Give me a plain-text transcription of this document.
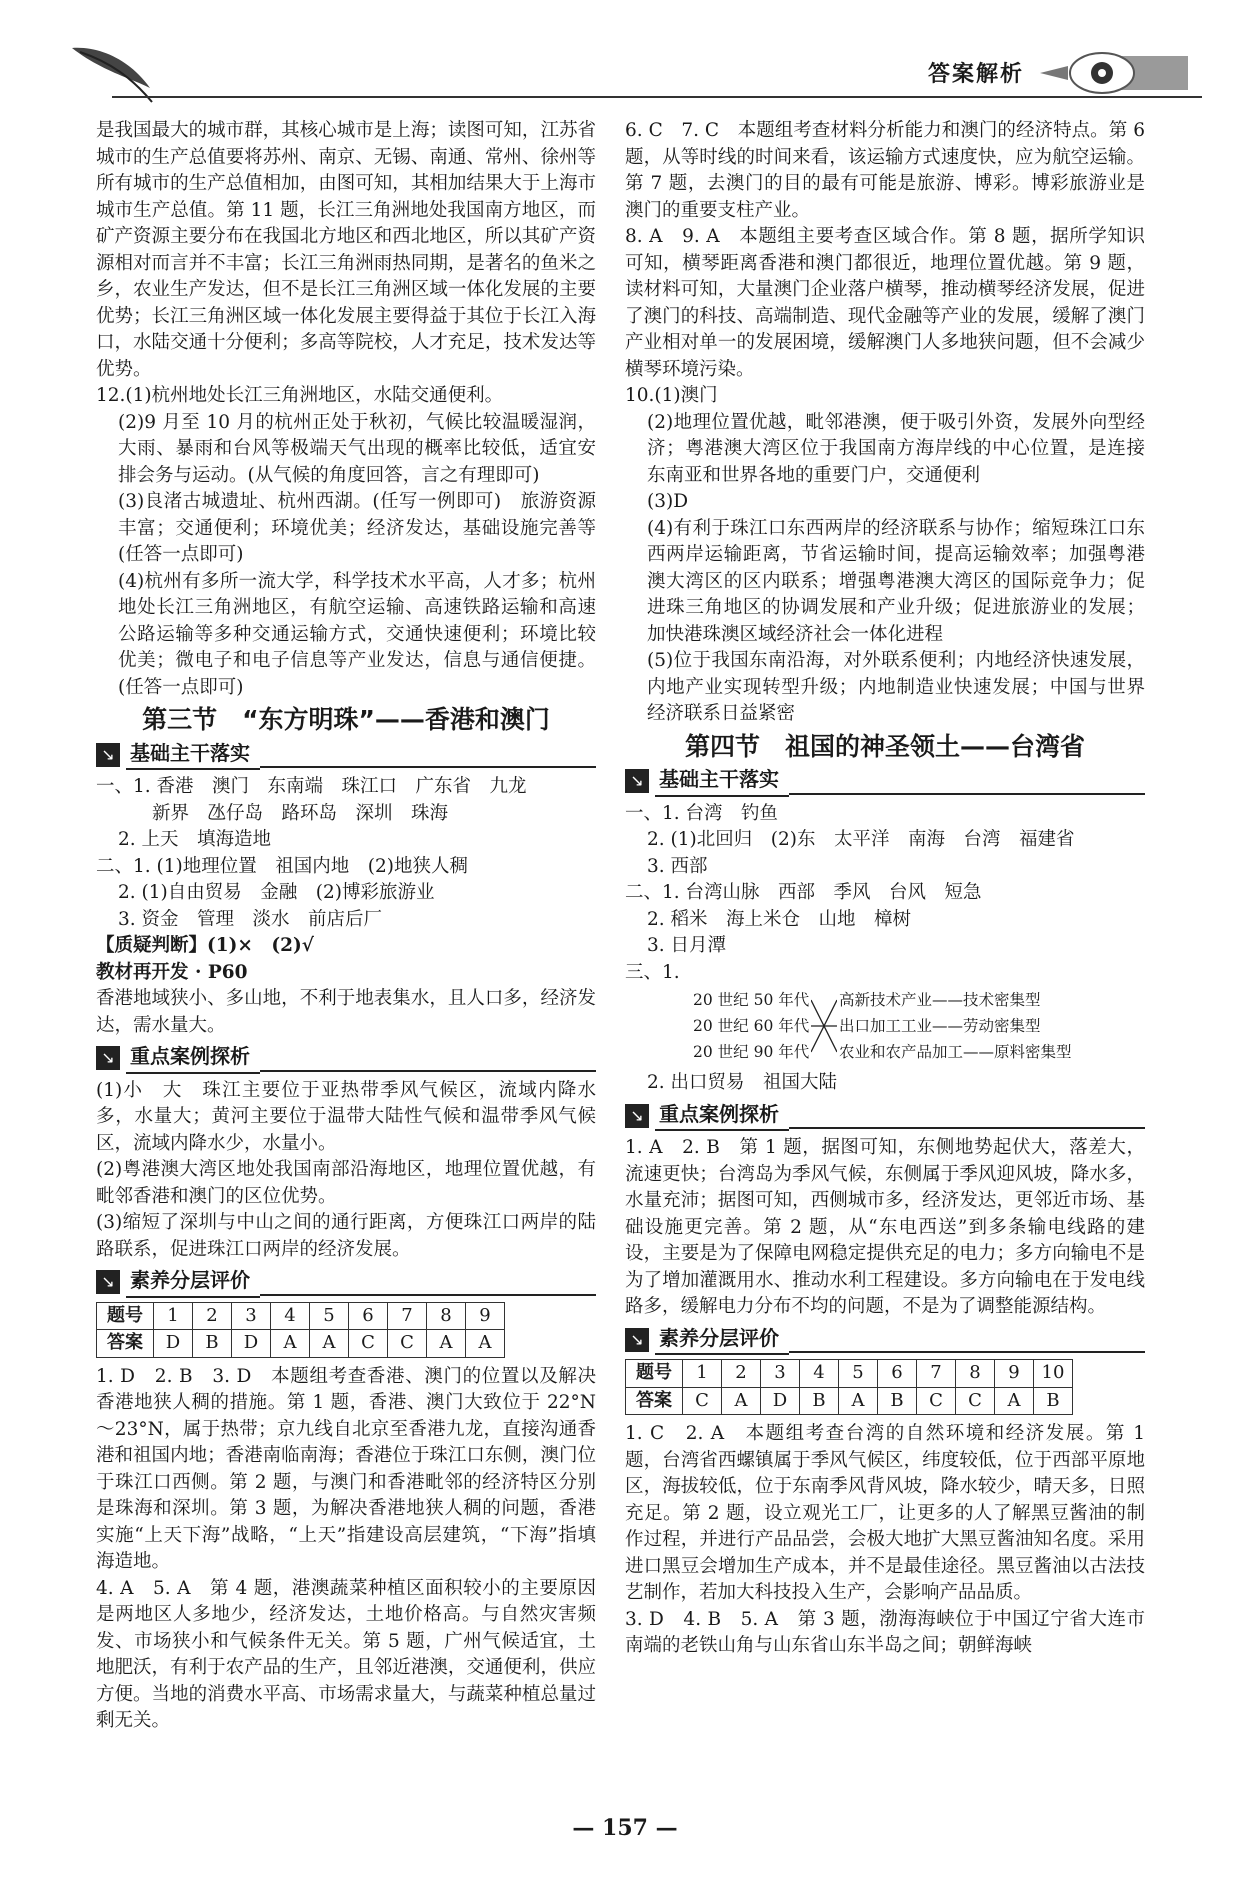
答案解析

是我国最大的城市群，其核心城市是上海；读图可知，江苏省城市的生产总值要将苏州、南京、无锡、南通、常州、徐州等所有城市的生产总值相加，由图可知，其相加结果大于上海市城市生产总值。第 11 题，长江三角洲地处我国南方地区，而矿产资源主要分布在我国北方地区和西北地区，所以其矿产资源相对而言并不丰富；长江三角洲雨热同期，是著名的鱼米之乡，农业生产发达，但不是长江三角洲区域一体化发展的主要优势；长江三角洲区域一体化发展主要得益于其位于长江入海口，水陆交通十分便利；多高等院校，人才充足，技术发达等优势。

12.(1)杭州地处长江三角洲地区，水陆交通便利。

(2)9 月至 10 月的杭州正处于秋初，气候比较温暖湿润，大雨、暴雨和台风等极端天气出现的概率比较低，适宜安排会务与运动。(从气候的角度回答，言之有理即可)

(3)良渚古城遗址、杭州西湖。(任写一例即可)　旅游资源丰富；交通便利；环境优美；经济发达，基础设施完善等(任答一点即可)

(4)杭州有多所一流大学，科学技术水平高，人才多；杭州地处长江三角洲地区，有航空运输、高速铁路运输和高速公路运输等多种交通运输方式，交通快速便利；环境比较优美；微电子和电子信息等产业发达，信息与通信便捷。(任答一点即可)

第三节　“东方明珠”——香港和澳门
↘ 基础主干落实

一、1. 香港　澳门　东南端　珠江口　广东省　九龙

新界　氹仔岛　路环岛　深圳　珠海

2. 上天　填海造地

二、1. (1)地理位置　祖国内地　(2)地狭人稠

2. (1)自由贸易　金融　(2)博彩旅游业

3. 资金　管理　淡水　前店后厂

【质疑判断】(1)×　(2)√

教材再开发 · P60

香港地域狭小、多山地，不利于地表集水，且人口多，经济发达，需水量大。

↘ 重点案例探析

(1)小　大　珠江主要位于亚热带季风气候区，流域内降水多，水量大；黄河主要位于温带大陆性气候和温带季风气候区，流域内降水少，水量小。

(2)粤港澳大湾区地处我国南部沿海地区，地理位置优越，有毗邻香港和澳门的区位优势。

(3)缩短了深圳与中山之间的通行距离，方便珠江口两岸的陆路联系，促进珠江口两岸的经济发展。

↘ 素养分层评价
题号	1	2	3	4	5	6	7	8	9
答案	D	B	D	A	A	C	C	A	A

1. D　2. B　3. D　本题组考查香港、澳门的位置以及解决香港地狭人稠的措施。第 1 题，香港、澳门大致位于 22°N～23°N，属于热带；京九线自北京至香港九龙，直接沟通香港和祖国内地；香港南临南海；香港位于珠江口东侧，澳门位于珠江口西侧。第 2 题，与澳门和香港毗邻的经济特区分别是珠海和深圳。第 3 题，为解决香港地狭人稠的问题，香港实施“上天下海”战略，“上天”指建设高层建筑，“下海”指填海造地。

4. A　5. A　第 4 题，港澳蔬菜种植区面积较小的主要原因是两地区人多地少，经济发达，土地价格高。与自然灾害频发、市场狭小和气候条件无关。第 5 题，广州气候适宜，土地肥沃，有利于农产品的生产，且邻近港澳，交通便利，供应方便。当地的消费水平高、市场需求量大，与蔬菜种植总量过剩无关。

6. C　7. C　本题组考查材料分析能力和澳门的经济特点。第 6 题，从等时线的时间来看，该运输方式速度快，应为航空运输。第 7 题，去澳门的目的最有可能是旅游、博彩。博彩旅游业是澳门的重要支柱产业。

8. A　9. A　本题组主要考查区域合作。第 8 题，据所学知识可知，横琴距离香港和澳门都很近，地理位置优越。第 9 题，读材料可知，大量澳门企业落户横琴，推动横琴经济发展，促进了澳门的科技、高端制造、现代金融等产业的发展，缓解了澳门产业相对单一的发展困境，缓解澳门人多地狭问题，但不会减少横琴环境污染。

10.(1)澳门

(2)地理位置优越，毗邻港澳，便于吸引外资，发展外向型经济；粤港澳大湾区位于我国南方海岸线的中心位置，是连接东南亚和世界各地的重要门户，交通便利

(3)D

(4)有利于珠江口东西两岸的经济联系与协作；缩短珠江口东西两岸运输距离，节省运输时间，提高运输效率；加强粤港澳大湾区的区内联系；增强粤港澳大湾区的国际竞争力；促进珠三角地区的协调发展和产业升级；促进旅游业的发展；加快港珠澳区域经济社会一体化进程

(5)位于我国东南沿海，对外联系便利；内地经济快速发展，内地产业实现转型升级；内地制造业快速发展；中国与世界经济联系日益紧密

第四节　祖国的神圣领土——台湾省
↘ 基础主干落实

一、1. 台湾　钓鱼

2. (1)北回归　(2)东　太平洋　南海　台湾　福建省

3. 西部

二、1. 台湾山脉　西部　季风　台风　短急

2. 稻米　海上米仓　山地　樟树

3. 日月潭

三、1.

20 世纪 50 年代
20 世纪 60 年代
20 世纪 90 年代
高新技术产业——技术密集型
出口加工工业——劳动密集型
农业和农产品加工——原料密集型

2. 出口贸易　祖国大陆

↘ 重点案例探析

1. A　2. B　第 1 题，据图可知，东侧地势起伏大，落差大，流速更快；台湾岛为季风气候，东侧属于季风迎风坡，降水多，水量充沛；据图可知，西侧城市多，经济发达，更邻近市场、基础设施更完善。第 2 题，从“东电西送”到多条输电线路的建设，主要是为了保障电网稳定提供充足的电力；多方向输电不是为了增加灌溉用水、推动水利工程建设。多方向输电在于发电线路多，缓解电力分布不均的问题，不是为了调整能源结构。

↘ 素养分层评价
题号	1	2	3	4	5	6	7	8	9	10
答案	C	A	D	B	A	B	C	C	A	B

1. C　2. A　本题组考查台湾的自然环境和经济发展。第 1 题，台湾省西螺镇属于季风气候区，纬度较低，位于西部平原地区，海拔较低，位于东南季风背风坡，降水较少，晴天多，日照充足。第 2 题，设立观光工厂，让更多的人了解黑豆酱油的制作过程，并进行产品品尝，会极大地扩大黑豆酱油知名度。采用进口黑豆会增加生产成本，并不是最佳途径。黑豆酱油以古法技艺制作，若加大科技投入生产，会影响产品品质。

3. D　4. B　5. A　第 3 题，渤海海峡位于中国辽宁省大连市南端的老铁山角与山东省山东半岛之间；朝鲜海峡

— 157 —
